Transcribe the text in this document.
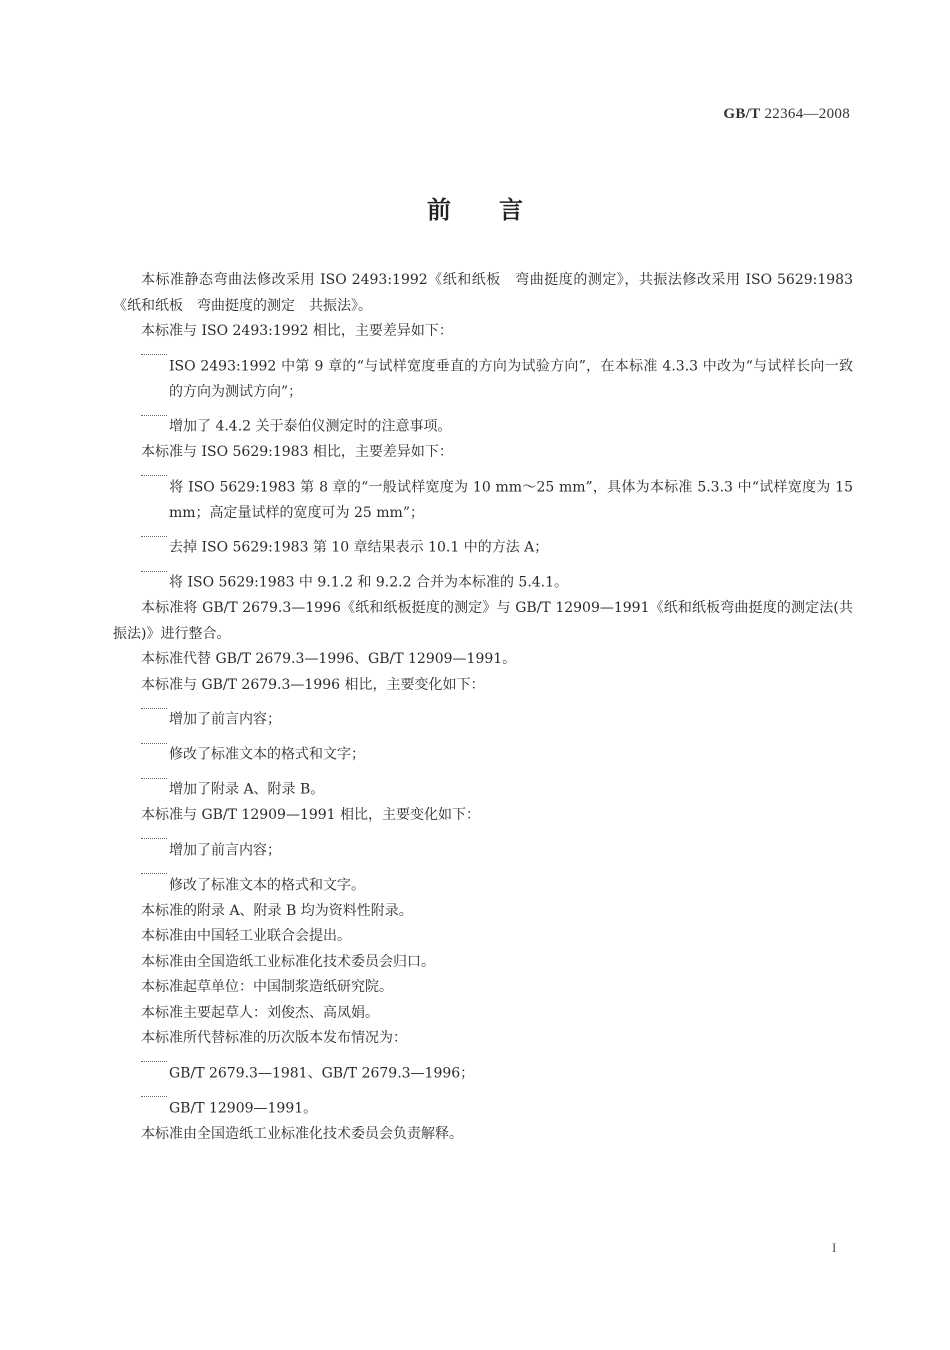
GB/T 22364—2008
前言

本标准静态弯曲法修改采用 ISO 2493:1992《纸和纸板　弯曲挺度的测定》，共振法修改采用 ISO 5629:1983《纸和纸板　弯曲挺度的测定　共振法》。

本标准与 ISO 2493:1992 相比，主要差异如下：

ISO 2493:1992 中第 9 章的“与试样宽度垂直的方向为试验方向”，在本标准 4.3.3 中改为“与试样长向一致的方向为测试方向”；

增加了 4.4.2 关于泰伯仪测定时的注意事项。

本标准与 ISO 5629:1983 相比，主要差异如下：

将 ISO 5629:1983 第 8 章的“一般试样宽度为 10 mm～25 mm”，具体为本标准 5.3.3 中“试样宽度为 15 mm；高定量试样的宽度可为 25 mm”；

去掉 ISO 5629:1983 第 10 章结果表示 10.1 中的方法 A；

将 ISO 5629:1983 中 9.1.2 和 9.2.2 合并为本标准的 5.4.1。

本标准将 GB/T 2679.3—1996《纸和纸板挺度的测定》与 GB/T 12909—1991《纸和纸板弯曲挺度的测定法(共振法)》进行整合。

本标准代替 GB/T 2679.3—1996、GB/T 12909—1991。

本标准与 GB/T 2679.3—1996 相比，主要变化如下：

增加了前言内容；

修改了标准文本的格式和文字；

增加了附录 A、附录 B。

本标准与 GB/T 12909—1991 相比，主要变化如下：

增加了前言内容；

修改了标准文本的格式和文字。

本标准的附录 A、附录 B 均为资料性附录。

本标准由中国轻工业联合会提出。

本标准由全国造纸工业标准化技术委员会归口。

本标准起草单位：中国制浆造纸研究院。

本标准主要起草人：刘俊杰、高凤娟。

本标准所代替标准的历次版本发布情况为：

GB/T 2679.3—1981、GB/T 2679.3—1996；

GB/T 12909—1991。

本标准由全国造纸工业标准化技术委员会负责解释。

I
